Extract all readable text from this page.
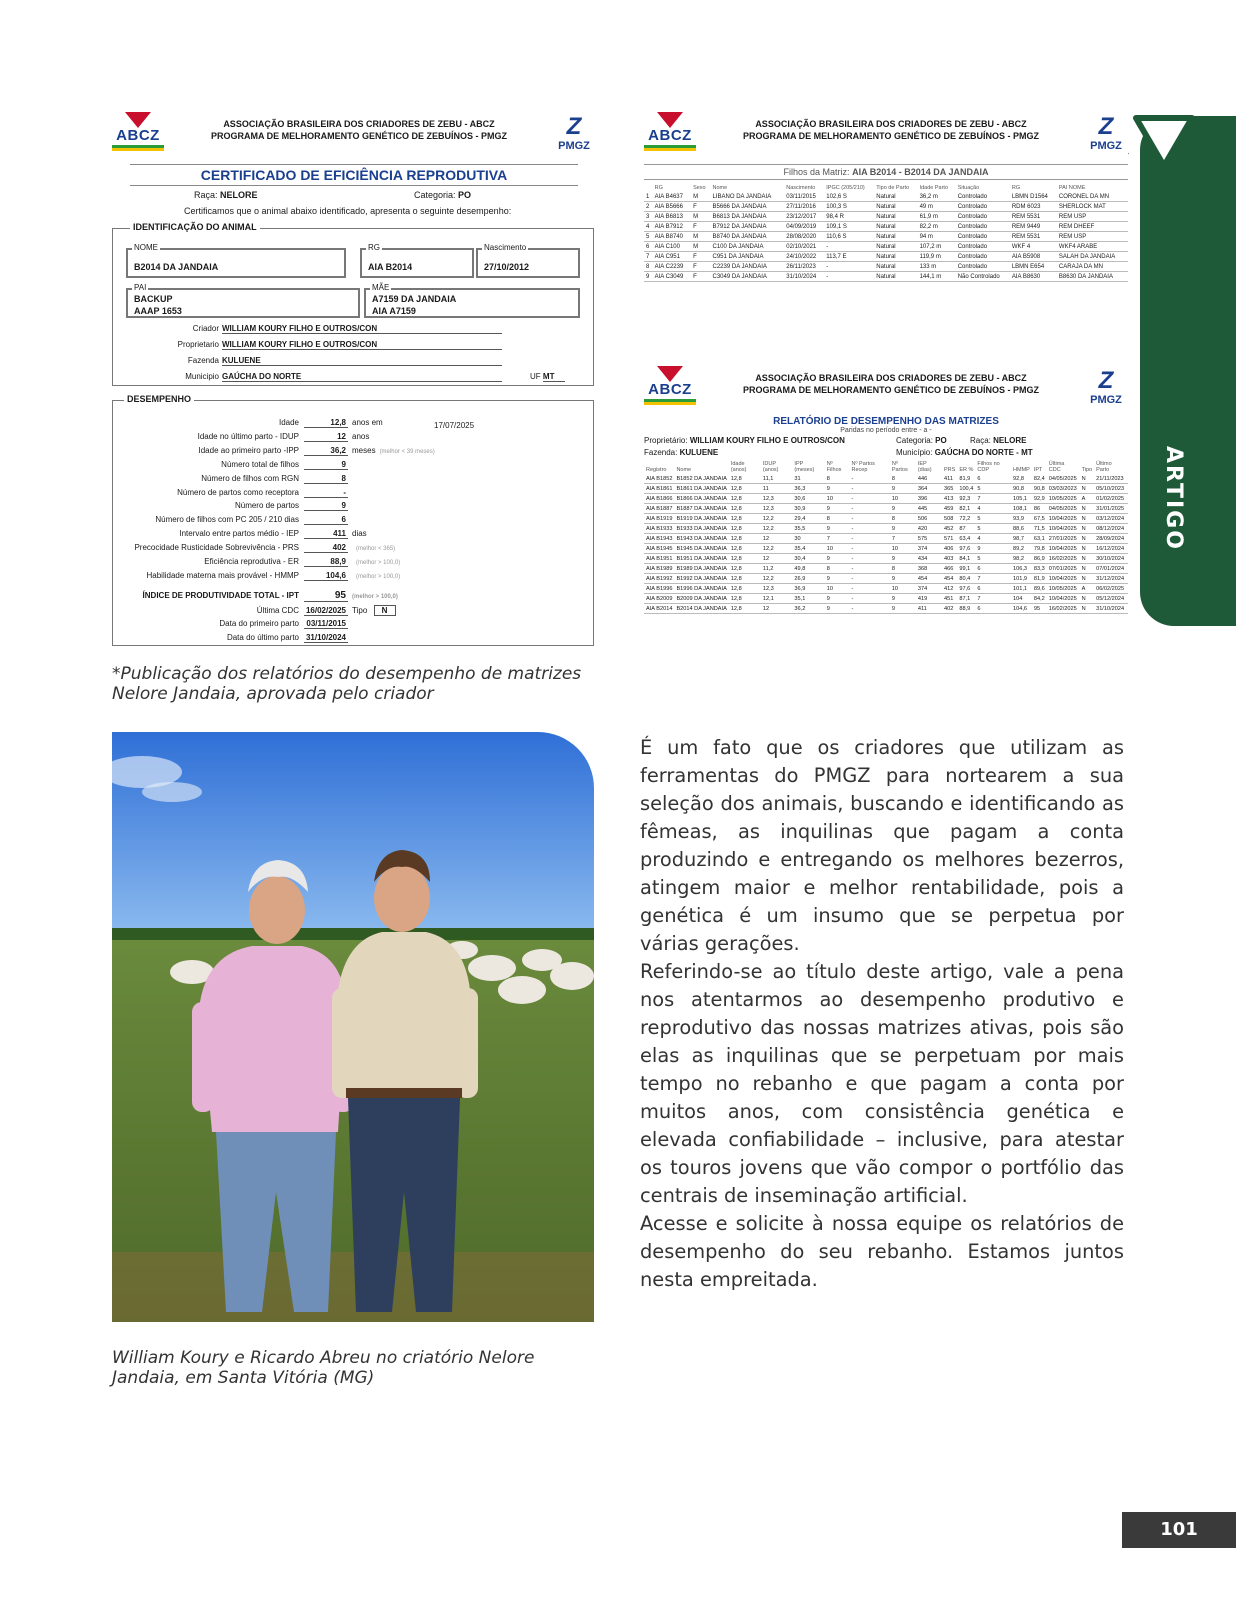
ARTIGO
ABCZ
ASSOCIAÇÃO BRASILEIRA DOS CRIADORES DE ZEBU - ABCZ
PROGRAMA DE MELHORAMENTO GENÉTICO DE ZEBUÍNOS - PMGZ	Z
PMGZ
CERTIFICADO DE EFICIÊNCIA REPRODUTIVA
Raça: NELORE	Categoria: PO
Certificamos que o animal abaixo identificado, apresenta o seguinte desempenho:
IDENTIFICAÇÃO DO ANIMAL
NOME
B2014 DA JANDAIA
RG
AIA B2014
Nascimento
27/10/2012
PAI
BACKUP
AAAP 1653
MÃE
A7159 DA JANDAIA
AIA A7159
Criador WILLIAM KOURY FILHO E OUTROS/CON
Proprietario WILLIAM KOURY FILHO E OUTROS/CON
Fazenda KULUENE
Municipio GAÚCHA DO NORTE	UF MT
DESEMPENHO
17/07/2025
Idade	12,8 anos em
Idade no último parto - IDUP	12 anos
Idade ao primeiro parto -IPP	36,2 meses (melhor < 39 meses)
Número total de filhos	9
Número de filhos com RGN	8
Número de partos como receptora	-
Número de partos	9
Número de filhos com PC 205 / 210 dias	6
Intervalo entre partos médio - IEP	411 dias
Precocidade Rusticidade Sobrevivência - PRS	402 (melhor < 365)
Eficiência reprodutiva - ER	88,9 (melhor > 100,0)
Habilidade materna mais provável - HMMP	104,6 (melhor > 100,0)
ÍNDICE DE PRODUTIVIDADE TOTAL - IPT	95 (melhor > 100,0)
Última CDC 16/02/2025 Tipo N
Data do primeiro parto 03/11/2015
Data do último parto 31/10/2024
ABCZ
ASSOCIAÇÃO BRASILEIRA DOS CRIADORES DE ZEBU - ABCZ
PROGRAMA DE MELHORAMENTO GENÉTICO DE ZEBUÍNOS - PMGZ	Z
PMGZ
Filhos da Matriz: AIA B2014 - B2014 DA JANDAIA
	RG	Sexo	Nome	Nascimento	IPGC (205/210)	Tipo de Parto	Idade Parto	Situação	RG	PAI NOME
1	AIA B4637	M	LIBANO DA JANDAIA	03/11/2015	102,6 S	Natural	36,2 m	Controlado	LBMN D1564	CORONEL DA MN
2	AIA B5666	F	B5666 DA JANDAIA	27/11/2016	100,3 S	Natural	49 m	Controlado	RDM 6023	SHERLOCK MAT
3	AIA B6813	M	B6813 DA JANDAIA	23/12/2017	98,4 R	Natural	61,9 m	Controlado	REM 5531	REM USP
4	AIA B7912	F	B7912 DA JANDAIA	04/09/2019	109,1 S	Natural	82,2 m	Controlado	REM 9449	REM DHEEF
5	AIA B8740	M	B8740 DA JANDAIA	28/08/2020	110,6 S	Natural	94 m	Controlado	REM 5531	REM USP
6	AIA C100	M	C100 DA JANDAIA	02/10/2021	-	Natural	107,2 m	Controlado	WKF 4	WKF4 ARABE
7	AIA C951	F	C951 DA JANDAIA	24/10/2022	113,7 E	Natural	119,9 m	Controlado	AIA B5908	SALAH DA JANDAIA
8	AIA C2239	F	C2239 DA JANDAIA	26/11/2023	-	Natural	133 m	Controlado	LBMN E654	CARAJA DA MN
9	AIA C3049	F	C3049 DA JANDAIA	31/10/2024	-	Natural	144,1 m	Não Controlado	AIA B8630	B8630 DA JANDAIA
ABCZ
ASSOCIAÇÃO BRASILEIRA DOS CRIADORES DE ZEBU - ABCZ
PROGRAMA DE MELHORAMENTO GENÉTICO DE ZEBUÍNOS - PMGZ	Z
PMGZ
RELATÓRIO DE DESEMPENHO DAS MATRIZES
Paridas no período entre - a -
Proprietário: WILLIAM KOURY FILHO E OUTROS/CON	Categoria: PO	Raça: NELORE
Fazenda: KULUENE	Município: GAÚCHA DO NORTE - MT
Registro	Nome	Idade (anos)	IDUP (anos)	IPP (meses)	Nº Filhos	Nº Partos Recep	Nº Partos	IEP (dias)	PRS	ER %	Filhos no CDP	HMMP	IPT	Última CDC	Tipo	Último Parto
AIA B1852	B1852 DA JANDAIA	12,8	11,1	31	8	-	8	446	411	81,9	6	92,8	82,4	04/05/2025	N	21/11/2023
AIA B1861	B1861 DA JANDAIA	12,8	11	36,3	9	-	9	364	365	100,4	5	90,8	90,8	03/03/2023	N	05/10/2023
AIA B1866	B1866 DA JANDAIA	12,8	12,3	30,6	10	-	10	396	413	92,3	7	105,1	92,9	10/05/2025	A	01/02/2025
AIA B1887	B1887 DA JANDAIA	12,8	12,3	30,9	9	-	9	445	459	82,1	4	108,1	86	04/05/2025	N	31/01/2025
AIA B1919	B1919 DA JANDAIA	12,8	12,2	29,4	8	-	8	506	508	72,2	5	93,9	67,5	10/04/2025	N	03/12/2024
AIA B1933	B1933 DA JANDAIA	12,8	12,2	35,5	9	-	9	420	452	87	5	88,6	71,5	10/04/2025	N	08/12/2024
AIA B1943	B1943 DA JANDAIA	12,8	12	30	7	-	7	575	571	63,4	4	98,7	63,1	27/01/2025	N	28/09/2024
AIA B1945	B1945 DA JANDAIA	12,8	12,2	35,4	10	-	10	374	406	97,6	9	89,2	79,8	10/04/2025	N	16/12/2024
AIA B1951	B1951 DA JANDAIA	12,8	12	30,4	9	-	9	434	403	84,1	5	98,2	86,9	16/02/2025	N	30/10/2024
AIA B1989	B1989 DA JANDAIA	12,8	11,2	49,8	8	-	8	368	466	99,1	6	106,3	83,3	07/01/2025	N	07/01/2024
AIA B1992	B1992 DA JANDAIA	12,8	12,2	26,9	9	-	9	454	454	80,4	7	101,9	81,9	10/04/2025	N	31/12/2024
AIA B1996	B1996 DA JANDAIA	12,8	12,3	36,9	10	-	10	374	412	97,6	6	101,1	89,6	10/05/2025	A	06/02/2025
AIA B2009	B2009 DA JANDAIA	12,8	12,1	35,1	9	-	9	419	451	87,1	7	104	84,2	10/04/2025	N	05/12/2024
AIA B2014	B2014 DA JANDAIA	12,8	12	36,2	9	-	9	411	402	88,9	6	104,6	95	16/02/2025	N	31/10/2024
*Publicação dos relatórios do desempenho de matrizes Nelore Jandaia, aprovada pelo criador
William Koury e Ricardo Abreu no criatório Nelore Jandaia, em Santa Vitória (MG)

É um fato que os criadores que utilizam as ferramentas do PMGZ para nortearem a sua seleção dos animais, buscando e identificando as fêmeas, as inquilinas que pagam a conta produzindo e entregando os melhores bezerros, atingem maior e melhor rentabilidade, pois a genética é um insumo que se perpetua por várias gerações.

Referindo-se ao título deste artigo, vale a pena nos atentarmos ao desempenho produtivo e reprodutivo das nossas matrizes ativas, pois são elas as inquilinas que se perpetuam por mais tempo no rebanho e que pagam a conta por muitos anos, com consistência genética e elevada confiabilidade – inclusive, para atestar os touros jovens que vão compor o portfólio das centrais de inseminação artificial.

Acesse e solicite à nossa equipe os relatórios de desempenho do seu rebanho. Estamos juntos nesta empreitada.

101
